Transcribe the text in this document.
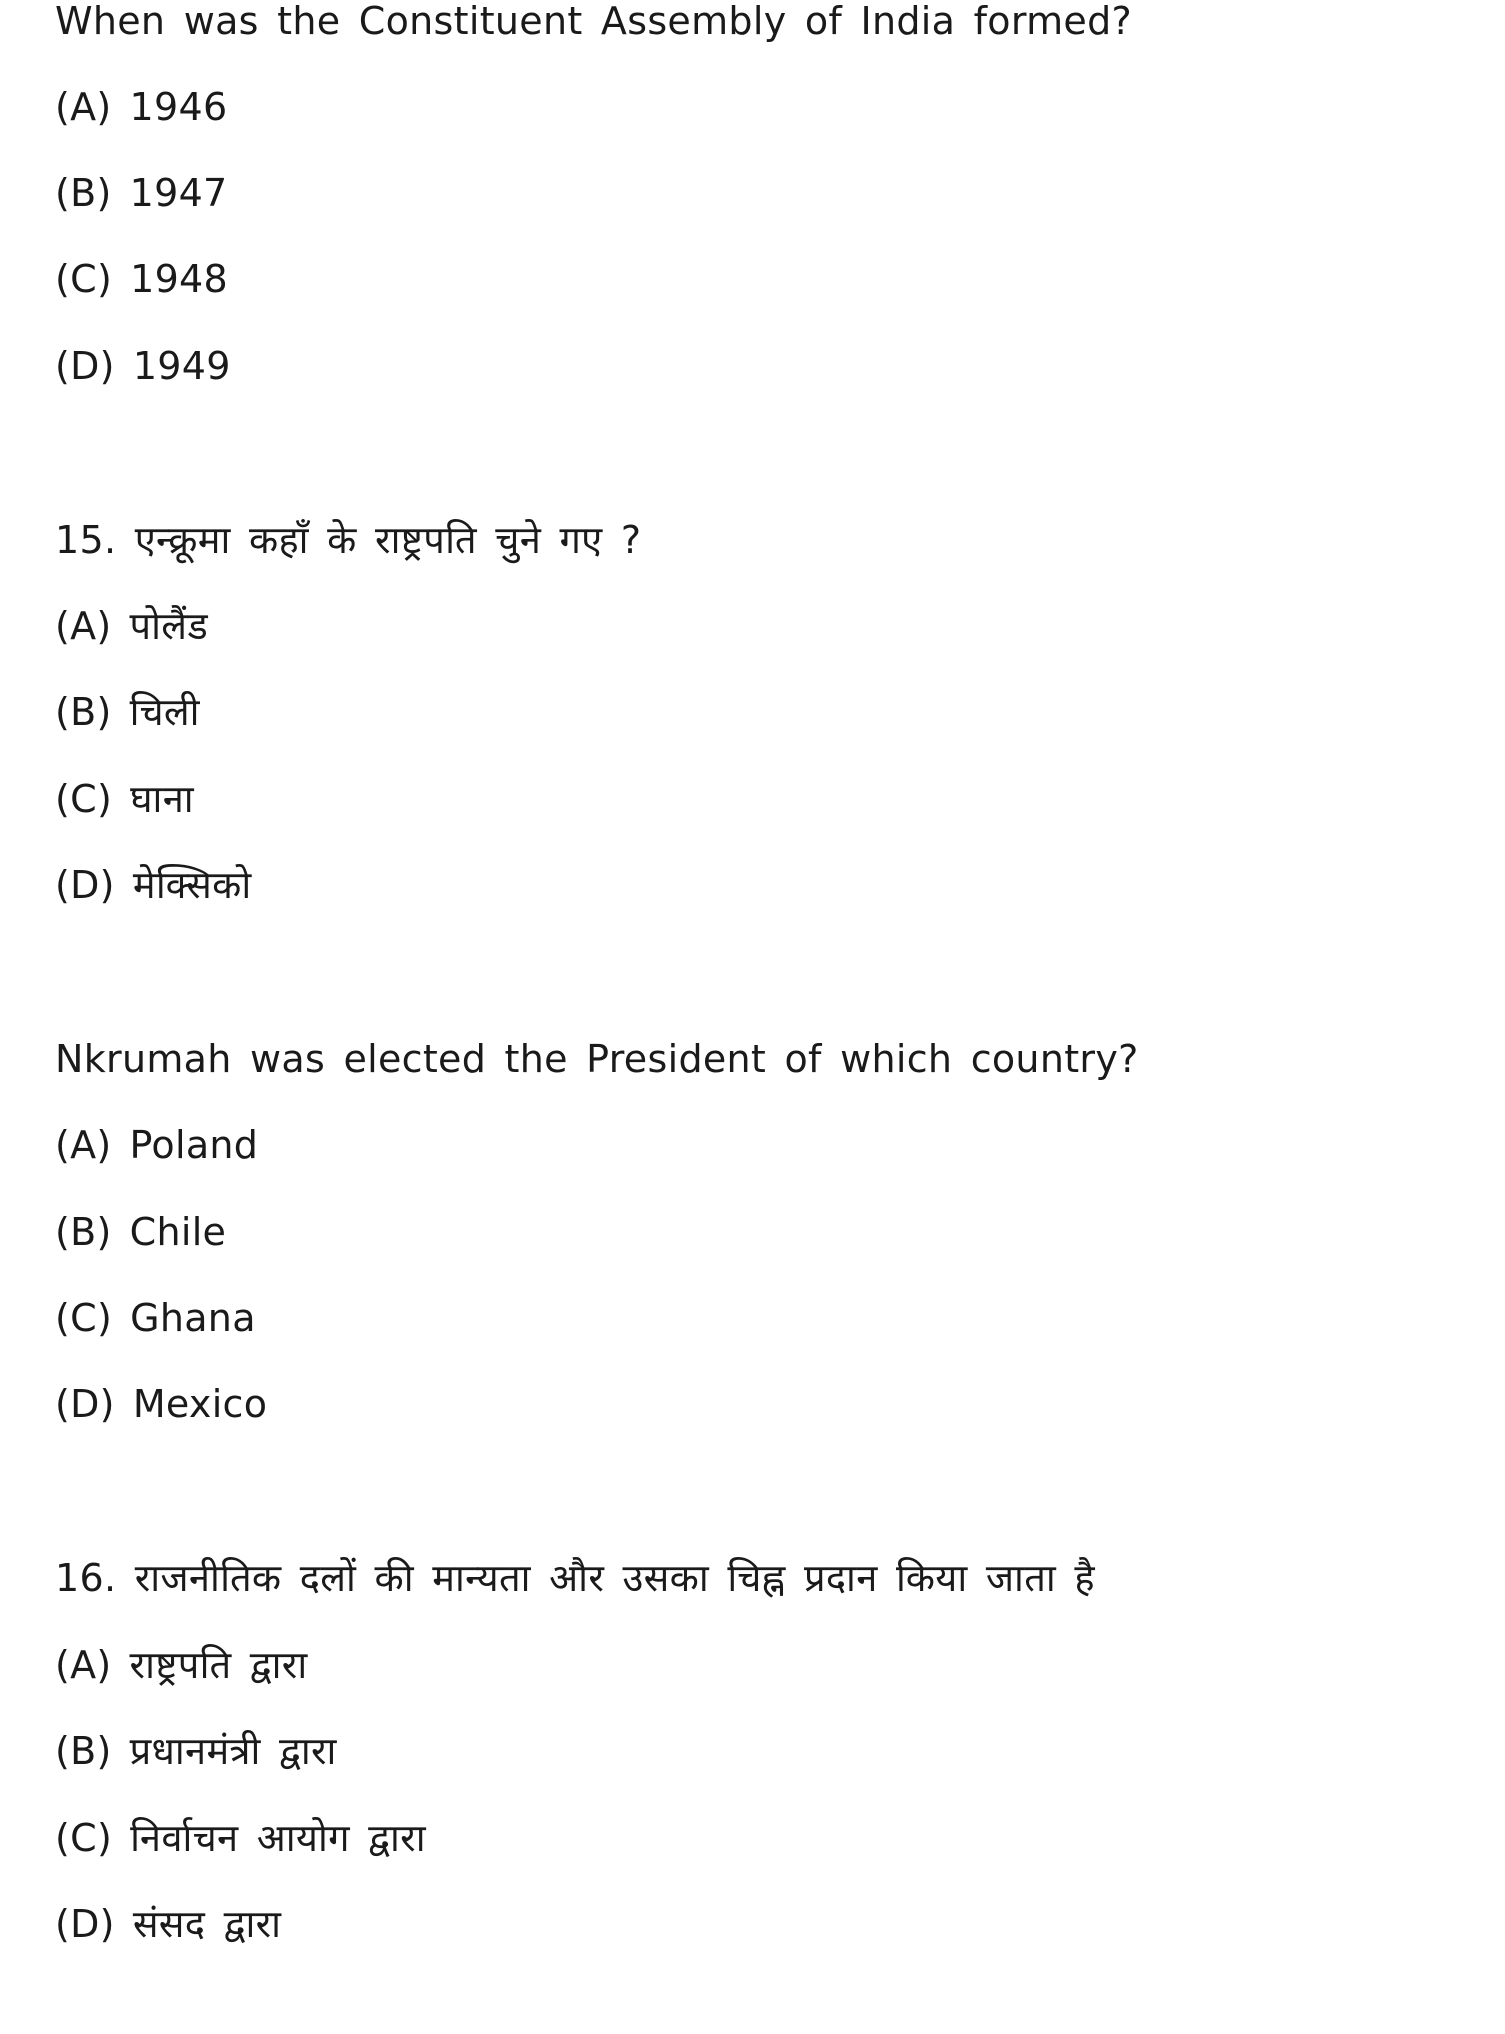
When was the Constituent Assembly of India formed?
(A) 1946
(B) 1947
(C) 1948
(D) 1949
15. एन्क्रूमा कहाँ के राष्ट्रपति चुने गए ?
(A) पोलैंड
(B) चिली
(C) घाना
(D) मेक्सिको
Nkrumah was elected the President of which country?
(A) Poland
(B) Chile
(C) Ghana
(D) Mexico
16. राजनीतिक दलों की मान्यता और उसका चिह्न प्रदान किया जाता है
(A) राष्ट्रपति द्वारा
(B) प्रधानमंत्री द्वारा
(C) निर्वाचन आयोग द्वारा
(D) संसद द्वारा
